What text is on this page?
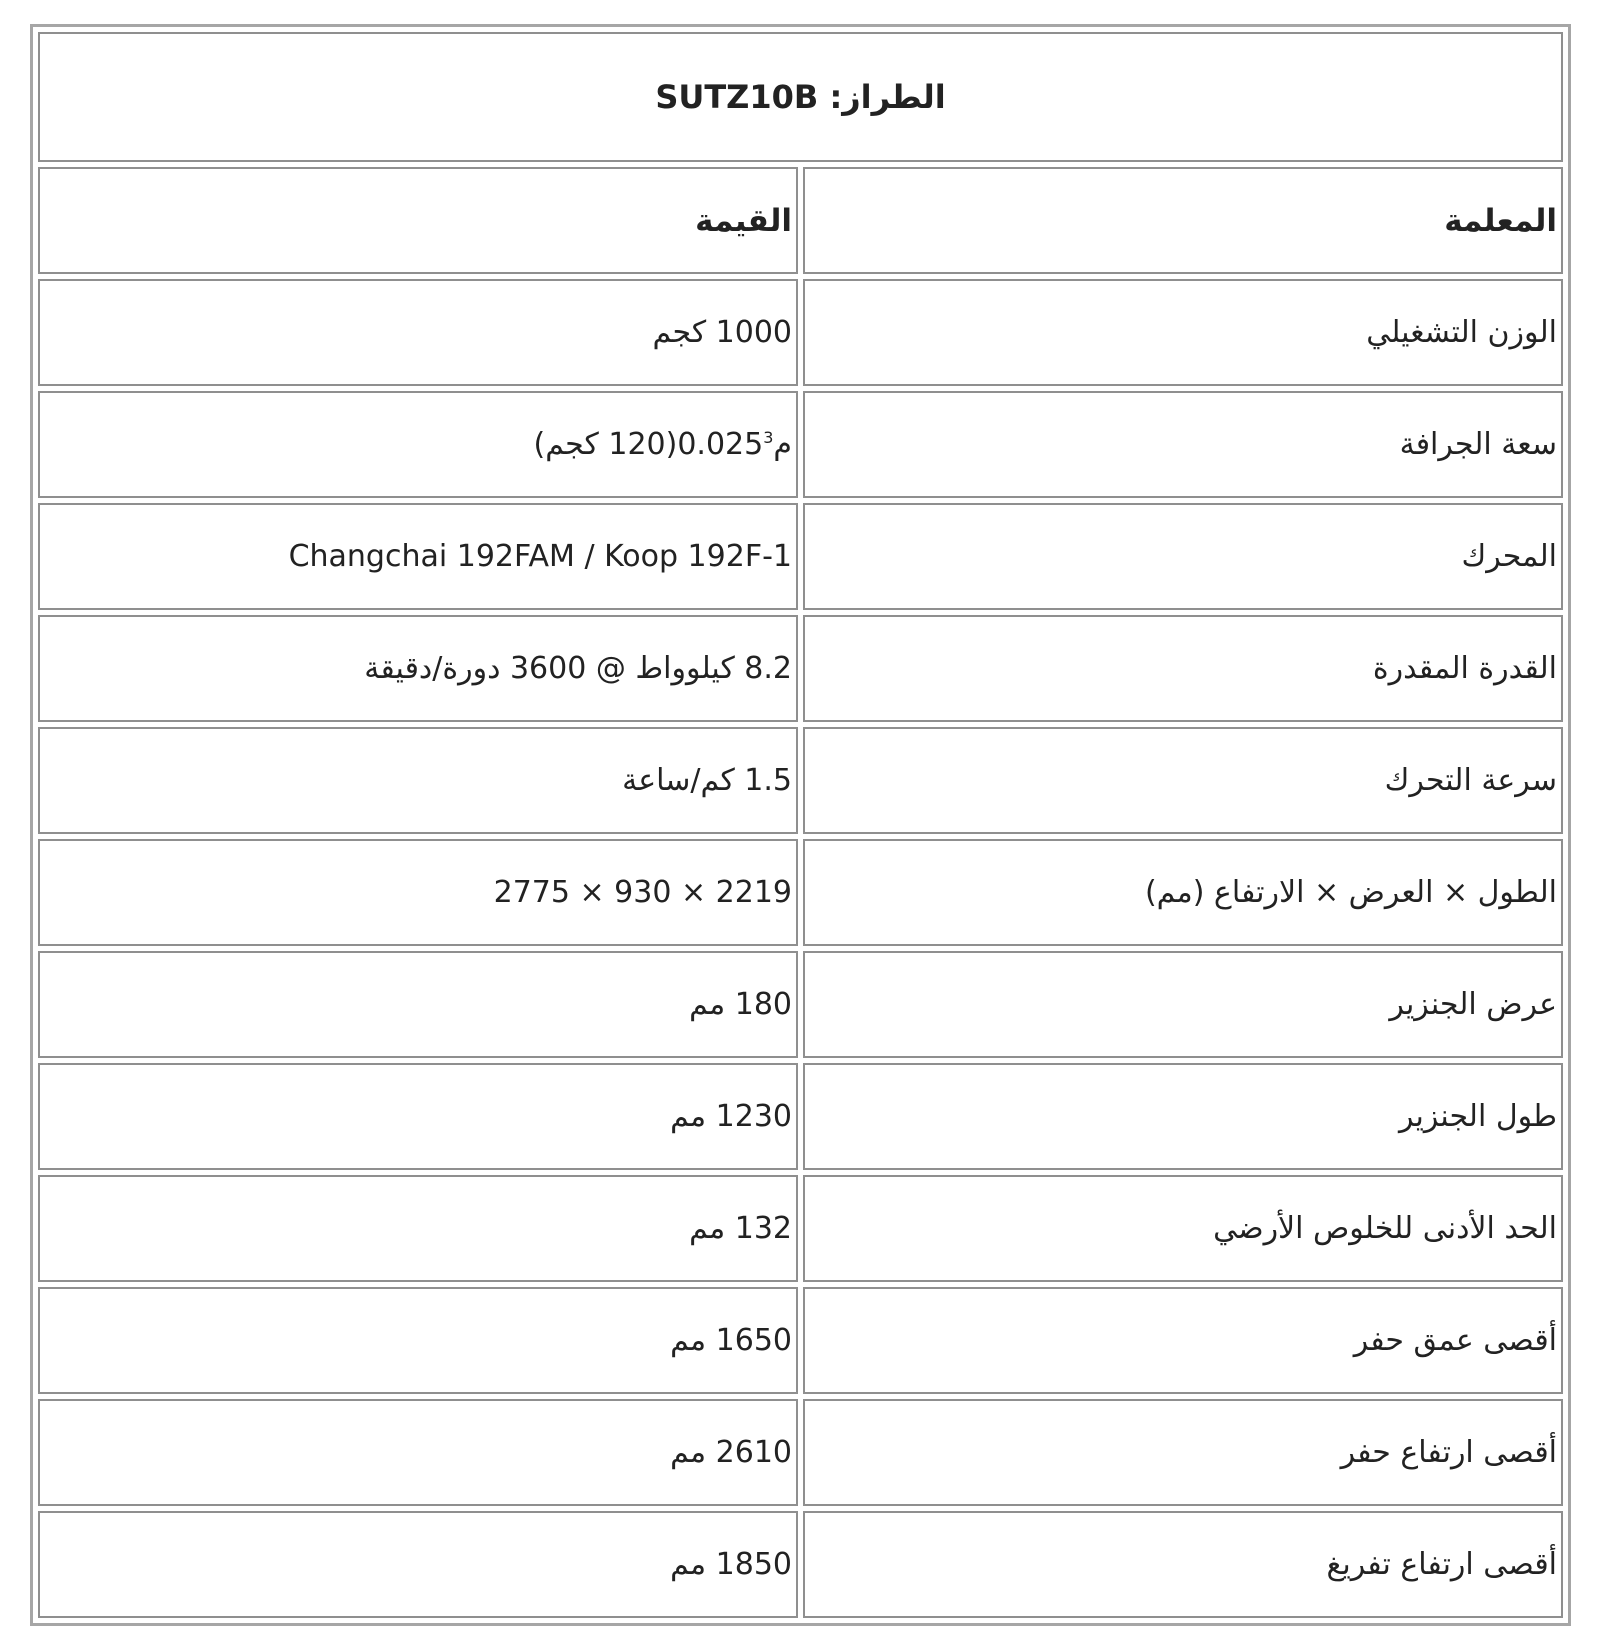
الطراز: SUTZ10B	
المعلمة	القيمة
الوزن التشغيلي	1000 كجم
سعة الجرافة	0.025م$^3$(120 كجم)
المحرك	Changchai 192FAM / Koop 192F-1
القدرة المقدرة	8.2 كيلوواط @ 3600 دورة/دقيقة
سرعة التحرك	1.5 كم/ساعة
الطول × العرض × الارتفاع (مم)	2775 × 930 × 2219
عرض الجنزير	180 مم
طول الجنزير	1230 مم
الحد الأدنى للخلوص الأرضي	132 مم
أقصى عمق حفر	1650 مم
أقصى ارتفاع حفر	2610 مم
أقصى ارتفاع تفريغ	1850 مم
